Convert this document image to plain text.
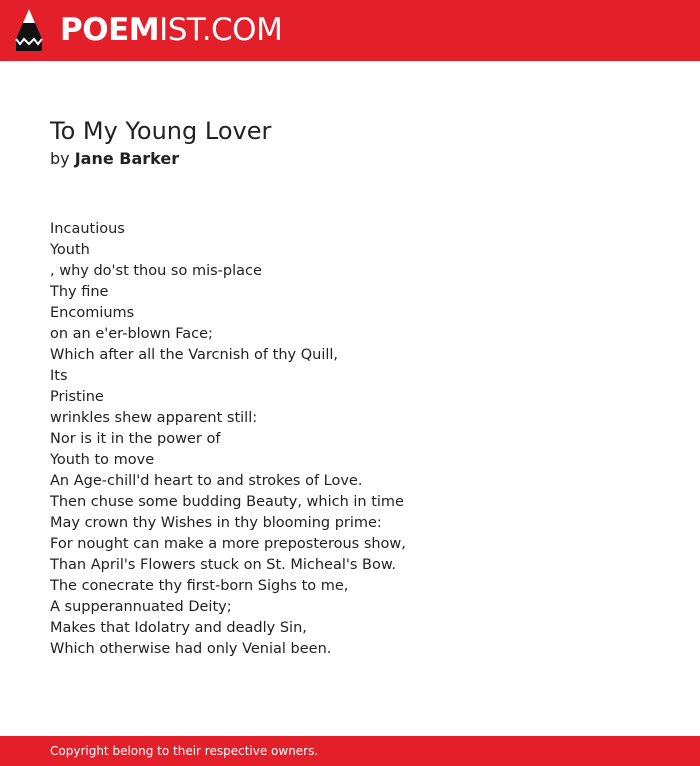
POEMIST.COM
To My Young Lover
by Jane Barker
Incautious
Youth
, why do'st thou so mis-place
Thy fine
Encomiums
on an e'er-blown Face;
Which after all the Varcnish of thy Quill,
Its
Pristine
wrinkles shew apparent still:
Nor is it in the power of
Youth to move
An Age-chill'd heart to and strokes of Love.
Then chuse some budding Beauty, which in time
May crown thy Wishes in thy blooming prime:
For nought can make a more preposterous show,
Than April's Flowers stuck on St. Micheal's Bow.
The conecrate thy first-born Sighs to me,
A supperannuated Deity;
Makes that Idolatry and deadly Sin,
Which otherwise had only Venial been.
Copyright belong to their respective owners.
